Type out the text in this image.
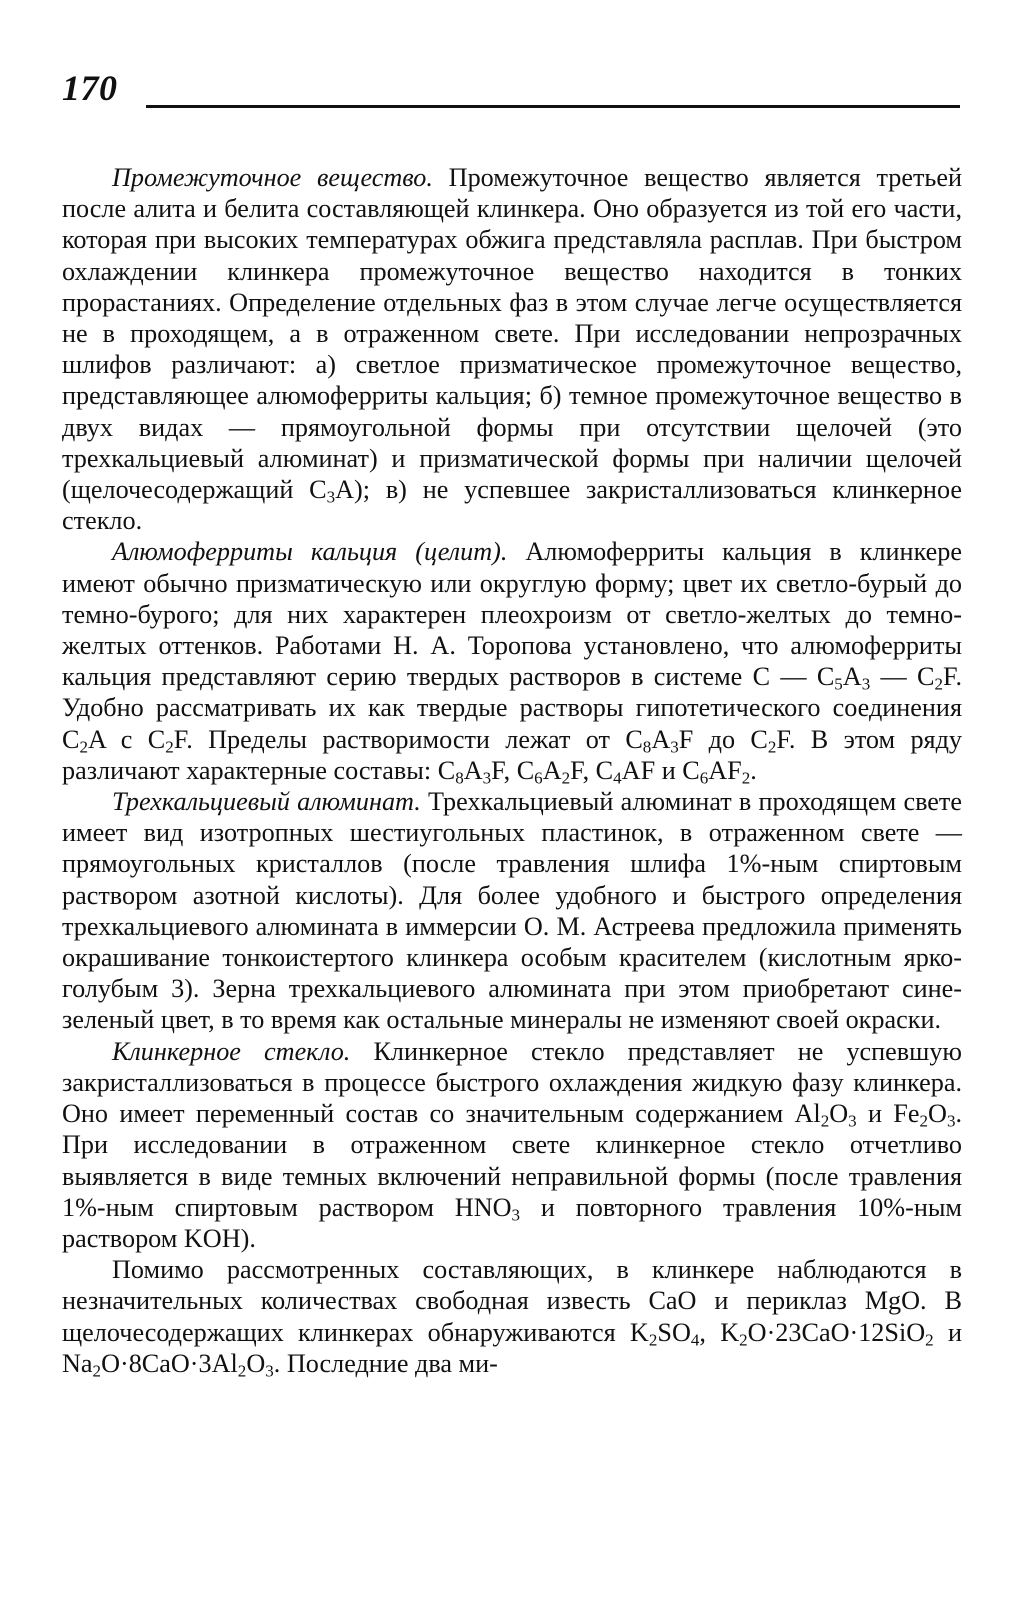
170

Промежуточное вещество. Промежуточное вещество является третьей после алита и белита составляющей клинкера. Оно образуется из той его части, которая при высоких температурах обжига представляла расплав. При быстром охлаждении клинкера промежуточное вещество находится в тонких прорастаниях. Определение отдельных фаз в этом случае легче осуществляется не в проходящем, а в отраженном свете. При исследовании непрозрачных шлифов различают: а) светлое призматическое промежуточное вещество, представляющее алюмоферриты кальция; б) темное промежуточное вещество в двух видах — прямоугольной формы при отсутствии щелочей (это трехкальциевый алюминат) и призматической формы при наличии щелочей (щелочесодержащий $C_3A$); в) не успевшее закристаллизоваться клинкерное стекло.

Алюмоферриты кальция (целит). Алюмоферриты кальция в клинкере имеют обычно призматическую или округлую форму; цвет их светло-бурый до темно-бурого; для них характерен плеохроизм от светло-желтых до темно-желтых оттенков. Работами Н. А. Торопова установлено, что алюмоферриты кальция представляют серию твердых растворов в системе C — $C_5A_3$ — $C_2F$. Удобно рассматривать их как твердые растворы гипотетического соединения $C_2A$ с $C_2F$. Пределы растворимости лежат от $C_8A_3F$ до $C_2F$. В этом ряду различают характерные составы: $C_8A_3F$, $C_6A_2F$, $C_4AF$ и $C_6AF_2$.

Трехкальциевый алюминат. Трехкальциевый алюминат в проходящем свете имеет вид изотропных шестиугольных пластинок, в отраженном свете — прямоугольных кристаллов (после травления шлифа 1%-ным спиртовым раствором азотной кислоты). Для более удобного и быстрого определения трехкальциевого алюмината в иммерсии О. М. Астреева предложила применять окрашивание тонкоистертого клинкера особым красителем (кислотным ярко-голубым 3). Зерна трехкальциевого алюмината при этом приобретают сине-зеленый цвет, в то время как остальные минералы не изменяют своей окраски.

Клинкерное стекло. Клинкерное стекло представляет не успевшую закристаллизоваться в процессе быстрого охлаждения жидкую фазу клинкера. Оно имеет переменный состав со значительным содержанием $Al_2O_3$ и $Fe_2O_3$. При исследовании в отраженном свете клинкерное стекло отчетливо выявляется в виде темных включений неправильной формы (после травления 1%-ным спиртовым раствором $HNO_3$ и повторного травления 10%-ным раствором KOH).

Помимо рассмотренных составляющих, в клинкере наблюдаются в незначительных количествах свободная известь CaO и периклаз MgO. В щелочесодержащих клинкерах обнаруживаются $K_2SO_4$, $K_2O\cdot 23CaO\cdot 12SiO_2$ и $Na_2O\cdot 8CaO\cdot 3Al_2O_3$. Последние два ми-
